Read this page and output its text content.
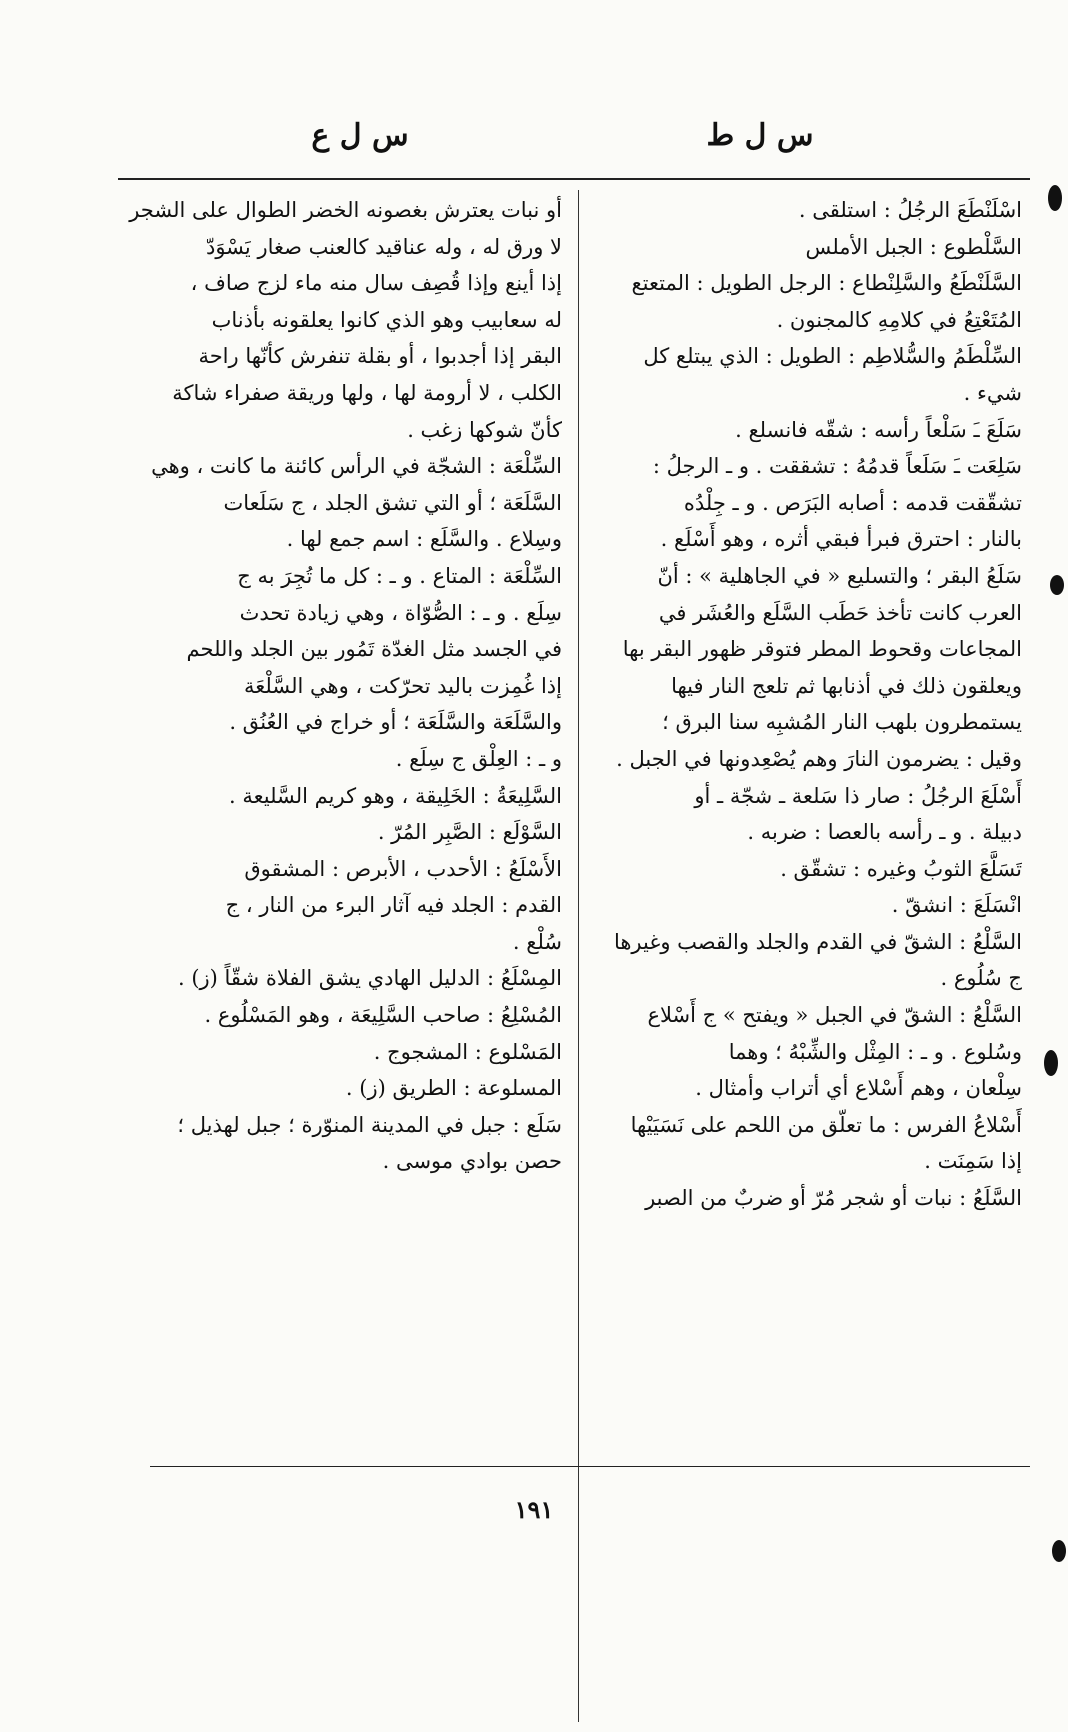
س ل ط
س ل ع
اسْلَنْطَعَ الرجُلُ : استلقى .
السَّلْطوع : الجبل الأملس
السَّلَنْطَعُ والسَّلِنْطاع : الرجل الطويل : المتعتع
المُتَعْتِعُ في كلامِهِ كالمجنون .
السِّلْطَمُ والسُّلاطِم : الطويل : الذي يبتلع كل
شيء .
سَلَعَ ـَ سَلْعاً رأسه : شقّه فانسلع .
سَلِعَت ـَ سَلَعاً قدمُهُ : تشققت . و ـ الرجلُ :
تشقّقت قدمه : أصابه البَرَص . و ـ جِلْدُه
بالنار : احترق فبرأ فبقي أثره ، وهو أَسْلَع .
سَلَعُ البقر ؛ والتسليع « في الجاهلية » : أنّ
العرب كانت تأخذ حَطَب السَّلَع والعُشَر في
المجاعات وقحوط المطر فتوقر ظهور البقر بها
ويعلقون ذلك في أذنابها ثم تلعج النار فيها
يستمطرون بلهب النار المُشبِه سنا البرق ؛
وقيل : يضرمون النارَ وهم يُصْعِدونها في الجبل .
أَسْلَعَ الرجُلُ : صار ذا سَلعة ـ شجّة ـ أو
دبيلة . و ـ رأسه بالعصا : ضربه .
تَسَلَّعَ الثوبُ وغيره : تشقّق .
انْسَلَعَ : انشقّ .
السَّلْعُ : الشقّ في القدم والجلد والقصب وغيرها
ج سُلُوع .
السَّلْعُ : الشقّ في الجبل « ويفتح » ج أَسْلاع
وسُلوع . و ـ : المِثْل والشِّبْهُ ؛ وهما
سِلْعان ، وهم أَسْلاع أي أتراب وأمثال .
أَسْلاعُ الفرس : ما تعلّق من اللحم على نَسَيَيْها
إذا سَمِنَت .
السَّلَعُ : نبات أو شجر مُرّ أو ضربٌ من الصبر
أو نبات يعترش بغصونه الخضر الطوال على الشجر
لا ورق له ، وله عناقيد كالعنب صغار يَسْوَدّ
إذا أينع وإذا قُصِف سال منه ماء لزج صاف ،
له سعابيب وهو الذي كانوا يعلقونه بأذناب
البقر إذا أجدبوا ، أو بقلة تنفرش كأنّها راحة
الكلب ، لا أرومة لها ، ولها وريقة صفراء شاكة
كأنّ شوكها زغب .
السِّلْعَة : الشجّة في الرأس كائنة ما كانت ، وهي
السَّلَعَة ؛ أو التي تشق الجلد ، ج سَلَعات
وسِلاع . والسَّلَع : اسم جمع لها .
السِّلْعَة : المتاع . و ـ : كل ما تُجِرَ به ج
سِلَع . و ـ : الصُّوّاة ، وهي زيادة تحدث
في الجسد مثل الغدّة تَمُور بين الجلد واللحم
إذا غُمِزت باليد تحرّكت ، وهي السَّلْعَة
والسَّلَعَة والسَّلَعَة ؛ أو خراج في العُنُق .
و ـ : العِلْق ج سِلَع .
السَّلِيعَةُ : الخَلِيقة ، وهو كريم السَّليعة .
السَّوْلَع : الصَّبِر المُرّ .
الأَسْلَعُ : الأحدب ، الأبرص : المشقوق
القدم : الجلد فيه آثار البرء من النار ، ج
سُلْع .
المِسْلَعُ : الدليل الهادي يشق الفلاة شقّاً (ز) .
المُسْلِعُ : صاحب السَّلِيعَة ، وهو المَسْلُوع .
المَسْلوع : المشجوج .
المسلوعة : الطريق (ز) .
سَلَع : جبل في المدينة المنوّرة ؛ جبل لهذيل ؛
حصن بوادي موسى .
١٩١
